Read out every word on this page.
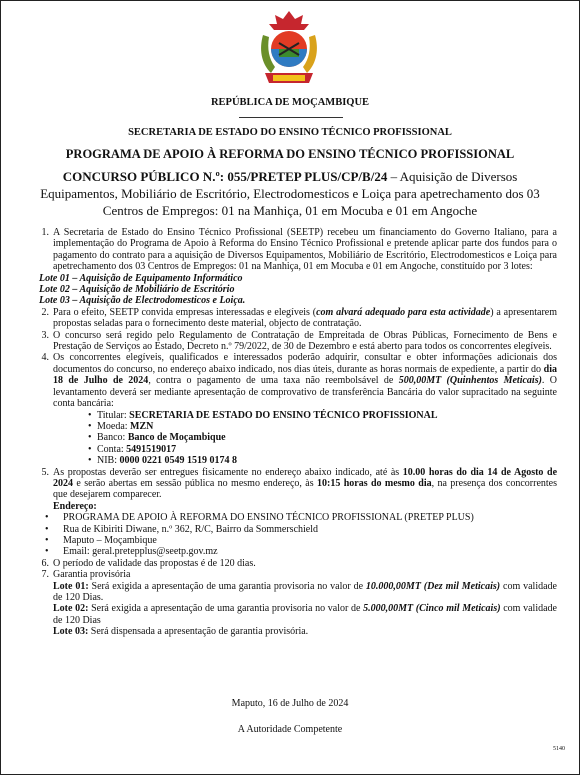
REPÚBLICA DE MOÇAMBIQUE
SECRETARIA DE ESTADO DO ENSINO TÉCNICO PROFISSIONAL
PROGRAMA DE APOIO À REFORMA DO ENSINO TÉCNICO PROFISSIONAL
CONCURSO PÚBLICO N.º: 055/PRETEP PLUS/CP/B/24 – Aquisição de Diversos Equipamentos, Mobiliário de Escritório, Electrodomesticos e Loiça para apetrechamento dos 03 Centros de Empregos: 01 na Manhiça, 01 em Mocuba e 01 em Angoche
1. A Secretaria de Estado do Ensino Técnico Profissional (SEETP) recebeu um financiamento do Governo Italiano, para a implementação do Programa de Apoio à Reforma do Ensino Técnico Profissional e pretende aplicar parte dos fundos para o pagamento do contrato para a aquisição de Diversos Equipamentos, Mobiliário de Escritório, Electrodomesticos e Loiça para apetrechamento dos 03 Centros de Empregos: 01 na Manhiça, 01 em Mocuba e 01 em Angoche, constituído por 3 lotes:
Lote 01 – Aquisição de Equipamento Informático
Lote 02 – Aquisição de Mobiliário de Escritório
Lote 03 – Aquisição de Electrodomesticos e Loiça.
2. Para o efeito, SEETP convida empresas interessadas e elegíveis (com alvará adequado para esta actividade) a apresentarem propostas seladas para o fornecimento deste material, objecto de contratação.
3. O concurso será regido pelo Regulamento de Contratação de Empreitada de Obras Públicas, Fornecimento de Bens e Prestação de Serviços ao Estado, Decreto n.º 79/2022, de 30 de Dezembro e está aberto para todos os concorrentes elegíveis.
4. Os concorrentes elegíveis, qualificados e interessados poderão adquirir, consultar e obter informações adicionais dos documentos do concurso, no endereço abaixo indicado, nos dias úteis, durante as horas normais de expediente, a partir do dia 18 de Julho de 2024, contra o pagamento de uma taxa não reembolsável de 500,00MT (Quinhentos Meticais). O levantamento deverá ser mediante apresentação de comprovativo de transferência Bancária do valor supracitado na seguinte conta bancária:
• Titular: SECRETARIA DE ESTADO DO ENSINO TÉCNICO PROFISSIONAL
• Moeda: MZN
• Banco: Banco de Moçambique
• Conta: 5491519017
• NIB: 0000 0221 0549 1519 0174 8
5. As propostas deverão ser entregues fisicamente no endereço abaixo indicado, até às 10.00 horas do dia 14 de Agosto de 2024 e serão abertas em sessão pública no mesmo endereço, às 10:15 horas do mesmo dia, na presença dos concorrentes que desejarem comparecer.
Endereço:
• PROGRAMA DE APOIO À REFORMA DO ENSINO TÉCNICO PROFISSIONAL (PRETEP PLUS)
• Rua de Kibiriti Diwane, n.º 362, R/C, Bairro da Sommerschield
• Maputo – Moçambique
• Email: geral.pretepplus@seetp.gov.mz
6. O período de validade das propostas é de 120 dias.
7. Garantia provisória
Lote 01: Será exigida a apresentação de uma garantia provisoria no valor de 10.000,00MT (Dez mil Meticais) com validade de 120 Dias.
Lote 02: Será exigida a apresentação de uma garantia provisoria no valor de 5.000,00MT (Cinco mil Meticais) com validade de 120 Dias
Lote 03: Será dispensada a apresentação de garantia provisória.
Maputo, 16 de Julho de 2024
A Autoridade Competente
5140
